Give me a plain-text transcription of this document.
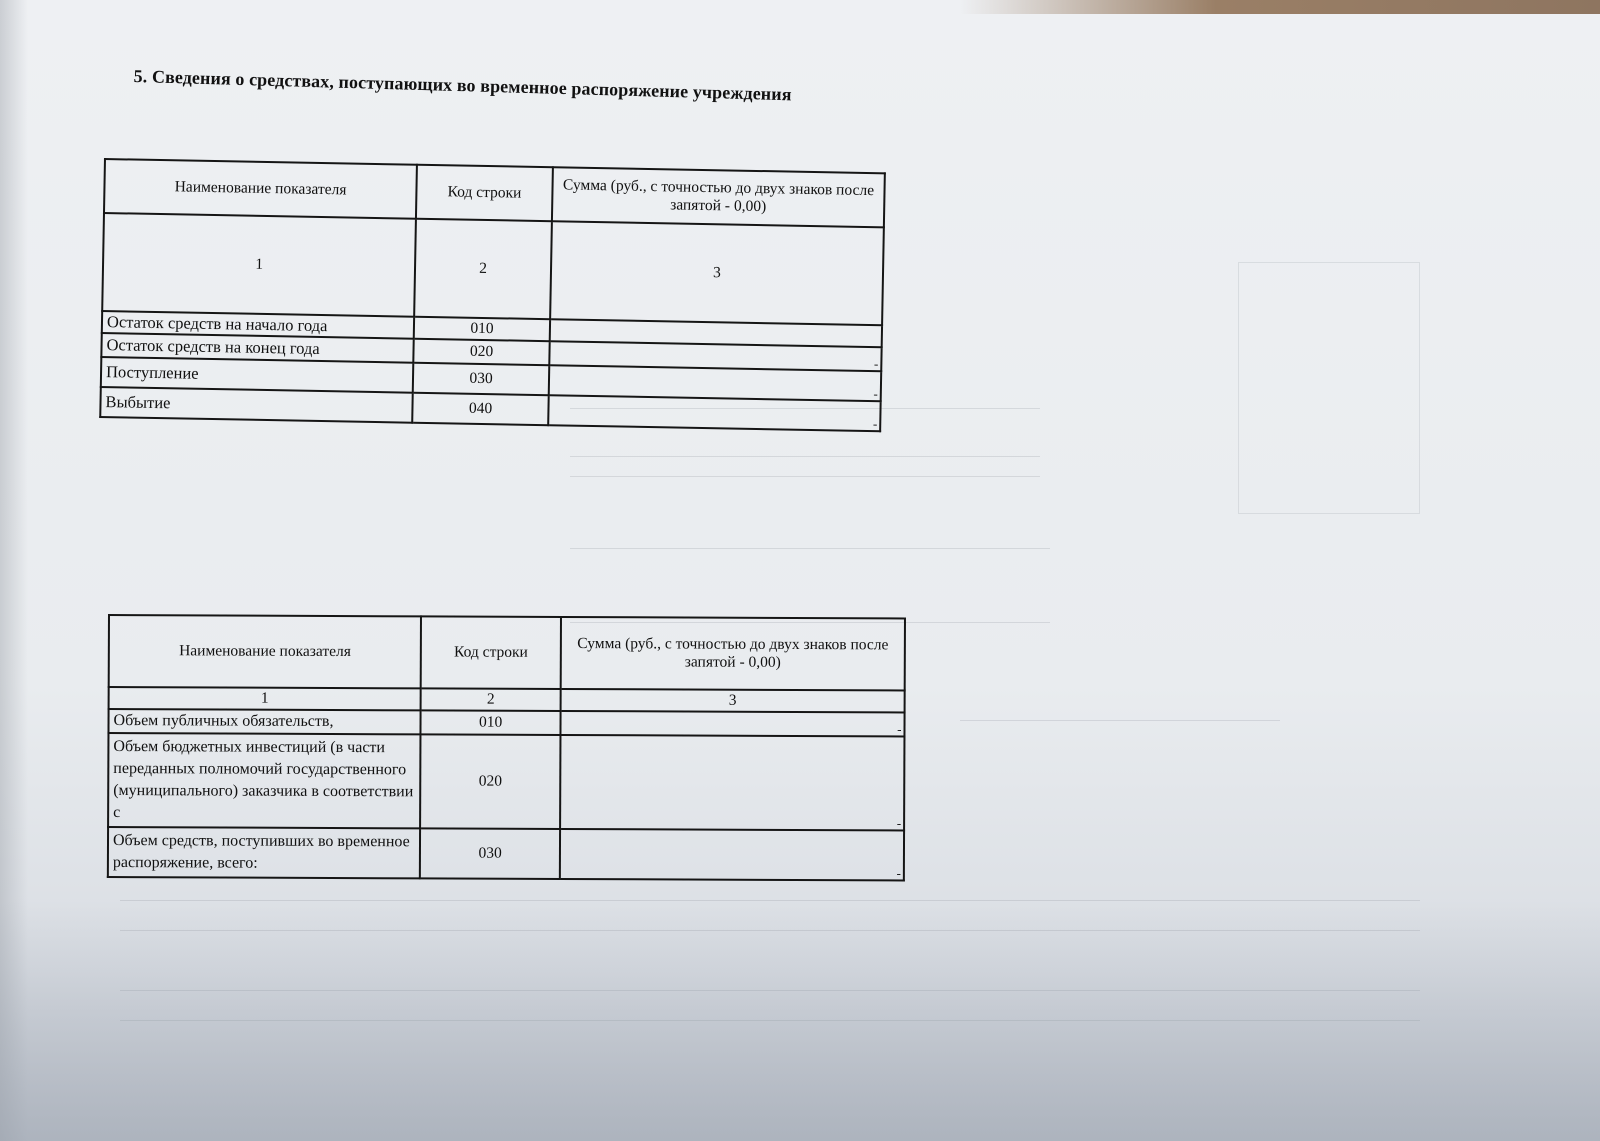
5. Сведения о средствах, поступающих во временное распоряжение учреждения
Наименование показателя	Код строки	Сумма (руб., с точностью до двух знаков после запятой - 0,00)
1	2	3
Остаток средств на начало года	010	

Остаток средств на конец года	020	-

Поступление	030	-

Выбытие	040	-
Наименование показателя	Код строки	Сумма (руб., с точностью до двух знаков после запятой - 0,00)
1	2	3
Объем публичных обязательств,	010	-

Объем бюджетных инвестиций (в части переданных полномочий государственного (муниципального) заказчика в соответствии с	020	-

Объем средств, поступивших во временное распоряжение, всего:	030	-
